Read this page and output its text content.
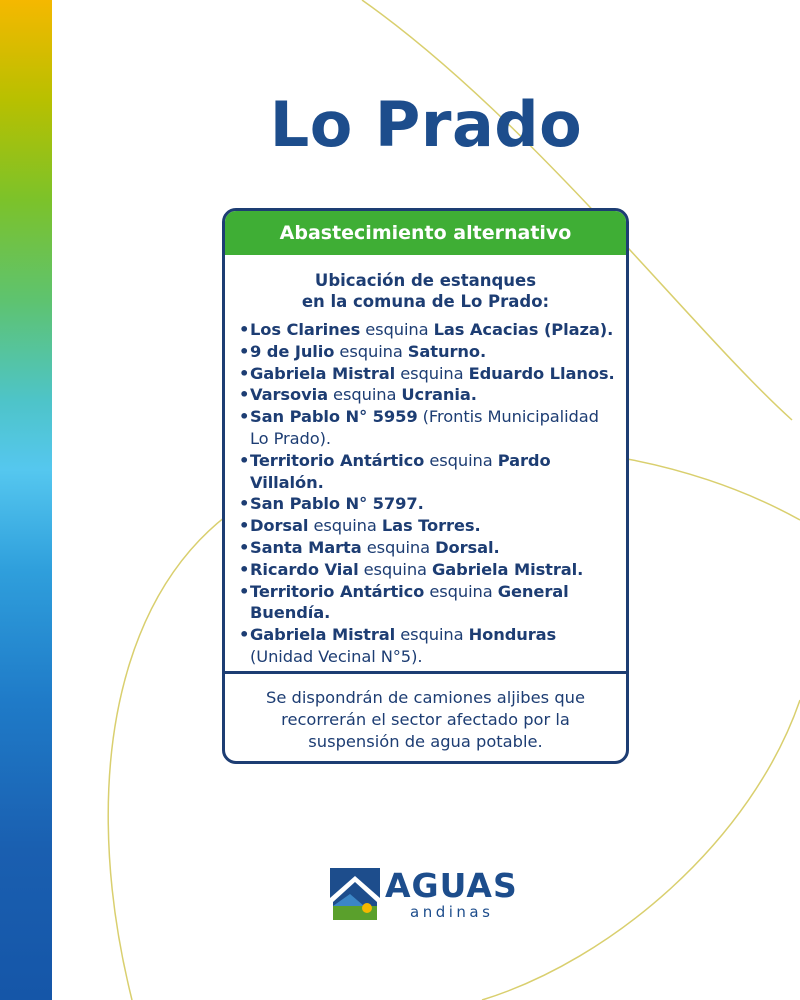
Lo Prado
Abastecimiento alternativo
Ubicación de estanques
en la comuna de Lo Prado:
• Los Clarines esquina Las Acacias (Plaza).
• 9 de Julio esquina Saturno.
• Gabriela Mistral esquina Eduardo Llanos.
• Varsovia esquina Ucrania.
• San Pablo N° 5959 (Frontis Municipalidad Lo Prado).
• Territorio Antártico esquina Pardo Villalón.
• San Pablo N° 5797.
• Dorsal esquina Las Torres.
• Santa Marta esquina Dorsal.
• Ricardo Vial esquina Gabriela Mistral.
• Territorio Antártico esquina General Buendía.
• Gabriela Mistral esquina Honduras (Unidad Vecinal N°5).
Se dispondrán de camiones aljibes que recorrerán el sector afectado por la suspensión de agua potable.
AGUAS
andinas
